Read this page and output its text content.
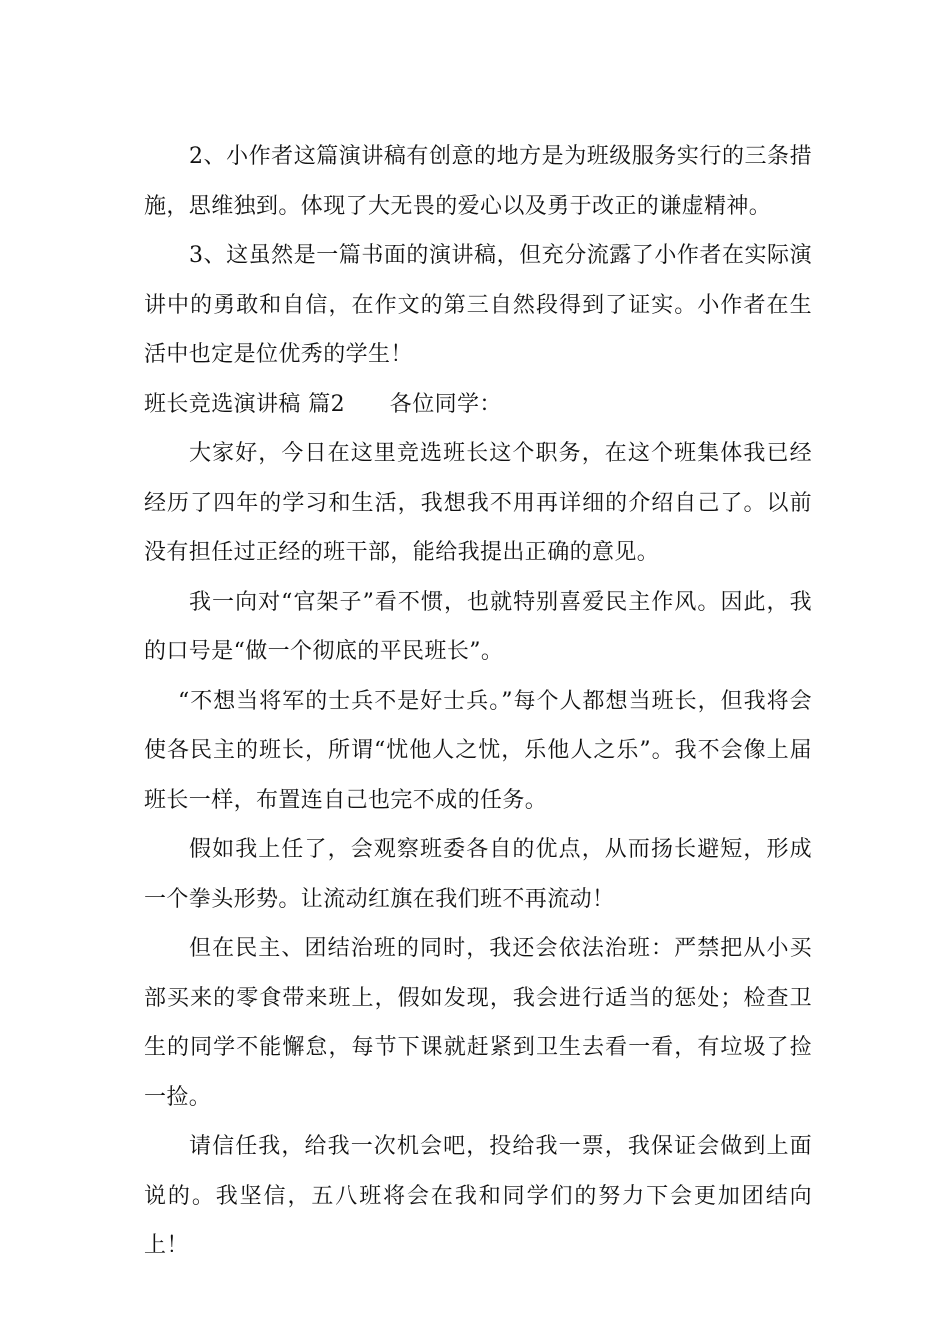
2、小作者这篇演讲稿有创意的地方是为班级服务实行的三条措施，思维独到。体现了大无畏的爱心以及勇于改正的谦虚精神。

3、这虽然是一篇书面的演讲稿，但充分流露了小作者在实际演讲中的勇敢和自信，在作文的第三自然段得到了证实。小作者在生活中也定是位优秀的学生！

班长竞选演讲稿 篇2　　各位同学：

大家好，今日在这里竞选班长这个职务，在这个班集体我已经经历了四年的学习和生活，我想我不用再详细的介绍自己了。以前没有担任过正经的班干部，能给我提出正确的意见。

我一向对“官架子”看不惯，也就特别喜爱民主作风。因此，我的口号是“做一个彻底的平民班长”。

“不想当将军的士兵不是好士兵。”每个人都想当班长，但我将会使各民主的班长，所谓“忧他人之忧，乐他人之乐”。我不会像上届班长一样，布置连自己也完不成的任务。

假如我上任了，会观察班委各自的优点，从而扬长避短，形成一个拳头形势。让流动红旗在我们班不再流动！

但在民主、团结治班的同时，我还会依法治班：严禁把从小买部买来的零食带来班上，假如发现，我会进行适当的惩处；检查卫生的同学不能懈怠，每节下课就赶紧到卫生去看一看，有垃圾了捡一捡。

请信任我，给我一次机会吧，投给我一票，我保证会做到上面说的。我坚信，五八班将会在我和同学们的努力下会更加团结向上！
